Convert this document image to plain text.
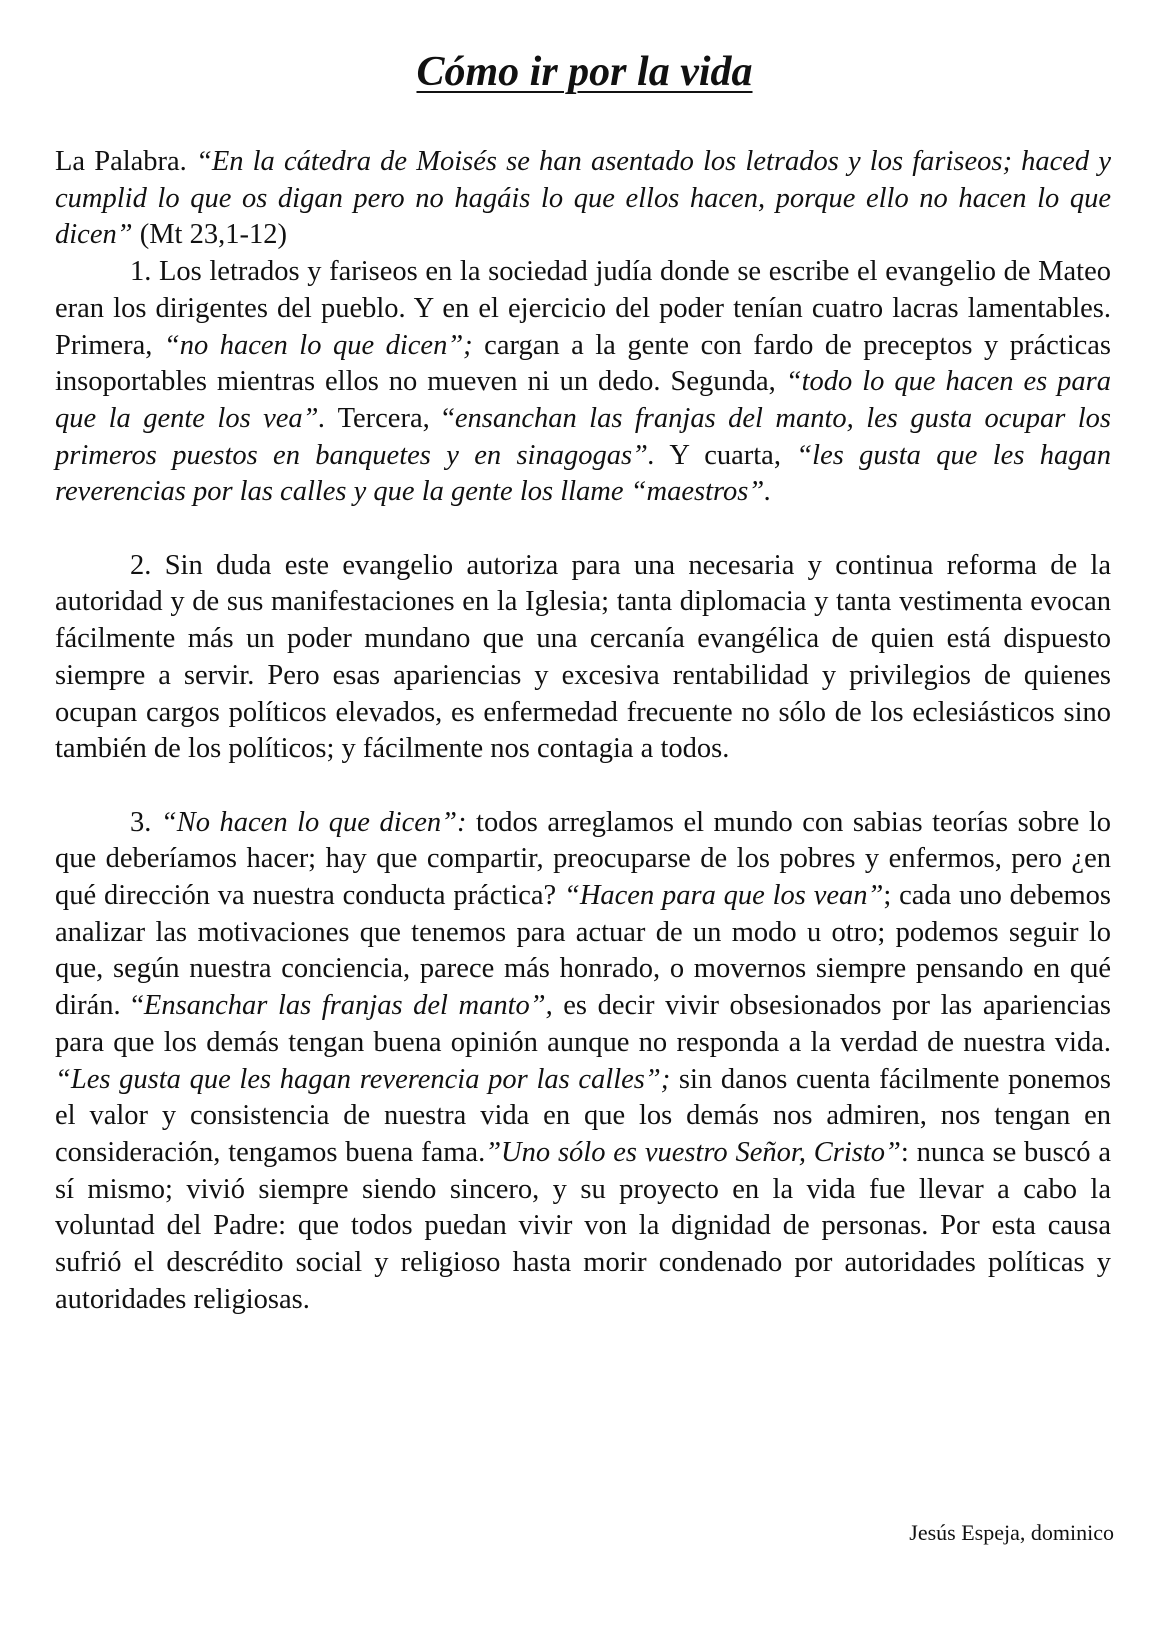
Cómo ir por la vida

La Palabra. “En la cátedra de Moisés se han asentado los letrados y los fariseos; haced y cumplid lo que os digan pero no hagáis lo que ellos hacen, porque ello no hacen lo que dicen” (Mt 23,1-12)

1. Los letrados y fariseos en la sociedad judía donde se escribe el evangelio de Mateo eran los dirigentes del pueblo. Y en el ejercicio del poder tenían cuatro lacras lamentables. Primera, “no hacen lo que dicen”; cargan a la gente con fardo de preceptos y prácticas insoportables mientras ellos no mueven ni un dedo. Segunda, “todo lo que hacen es para que la gente los vea”. Tercera, “ensanchan las franjas del manto, les gusta ocupar los primeros puestos en banquetes y en sinagogas”. Y cuarta, “les gusta que les hagan reverencias por las calles y que la gente los llame “maestros”.

2. Sin duda este evangelio autoriza para una necesaria y continua reforma de la autoridad y de sus manifestaciones en la Iglesia; tanta diplomacia y tanta vestimenta evocan fácilmente más un poder mundano que una cercanía evangélica de quien está dispuesto siempre a servir. Pero esas apariencias y excesiva rentabilidad y privilegios de quienes ocupan cargos políticos elevados, es enfermedad frecuente no sólo de los eclesiásticos sino también de los políticos; y fácilmente nos contagia a todos.

3. “No hacen lo que dicen”: todos arreglamos el mundo con sabias teorías sobre lo que deberíamos hacer; hay que compartir, preocuparse de los pobres y enfermos, pero ¿en qué dirección va nuestra conducta práctica? “Hacen para que los vean”; cada uno debemos analizar las motivaciones que tenemos para actuar de un modo u otro; podemos seguir lo que, según nuestra conciencia, parece más honrado, o movernos siempre pensando en qué dirán. “Ensanchar las franjas del manto”, es decir vivir obsesionados por las apariencias para que los demás tengan buena opinión aunque no responda a la verdad de nuestra vida. “Les gusta que les hagan reverencia por las calles”; sin danos cuenta fácilmente ponemos el valor y consistencia de nuestra vida en que los demás nos admiren, nos tengan en consideración, tengamos buena fama.”Uno sólo es vuestro Señor, Cristo”: nunca se buscó a sí mismo; vivió siempre siendo sincero, y su proyecto en la vida fue llevar a cabo la voluntad del Padre: que todos puedan vivir von la dignidad de personas. Por esta causa sufrió el descrédito social y religioso hasta morir condenado por autoridades políticas y autoridades religiosas.

Jesús Espeja, dominico
